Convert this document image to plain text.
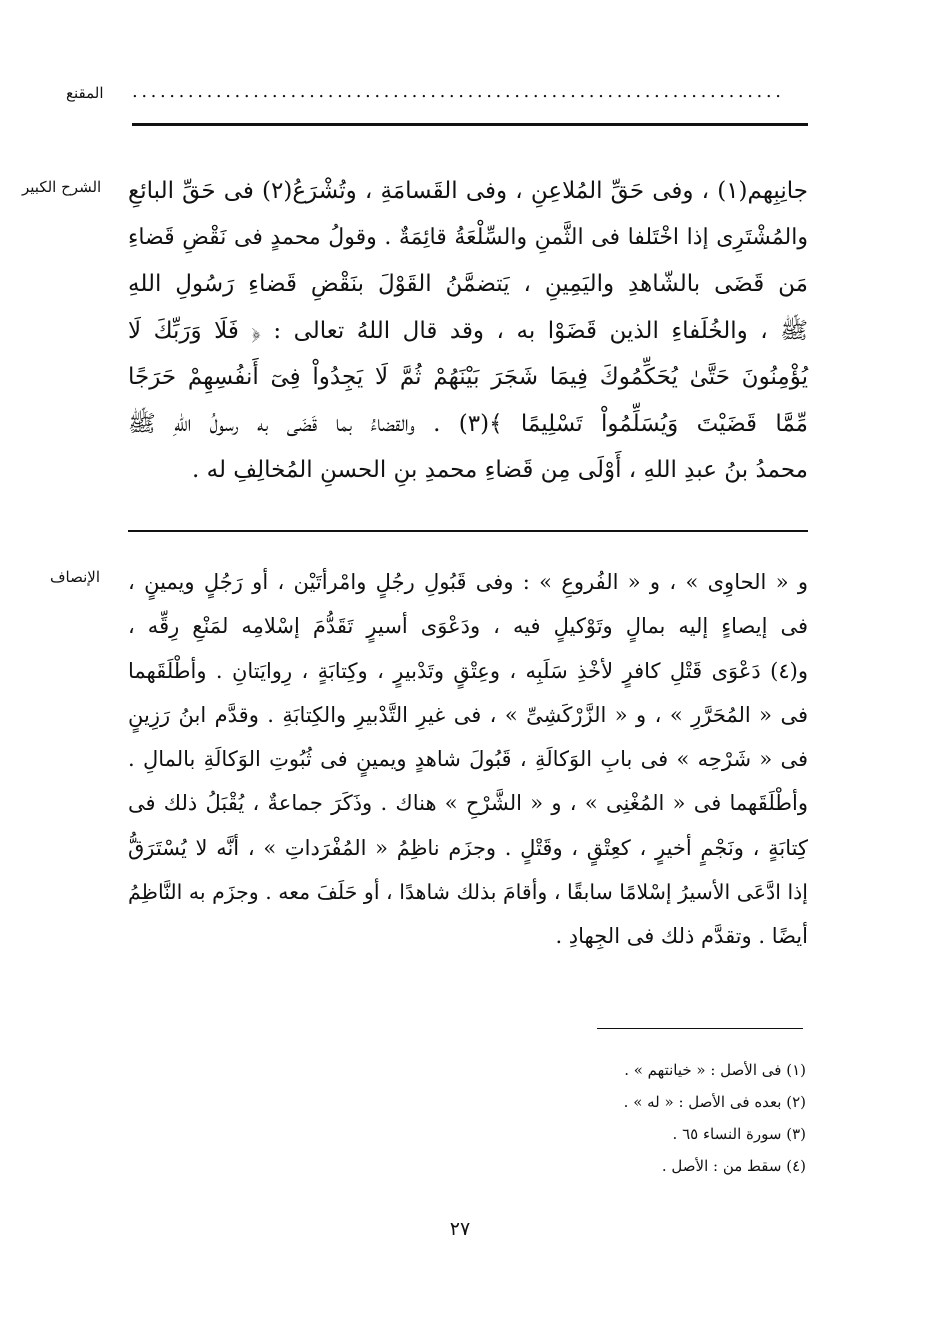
المقنع ......................................................................
الشرح الكبير جانِبِهم(١) ، وفى حَقِّ المُلاعِنِ ، وفى القَسامَةِ ، وتُشْرَعُ(٢) فى حَقِّ البائعِ
والمُشْتَرِى إذا اخْتَلفا فى الثَّمنِ والسِّلْعَةُ قائِمَةٌ . وقولُ محمدٍ فى نَقْضِ قَضاءِ
مَن قَضَى بالشّاهدِ واليَمِينِ ، يَتضمَّنُ القَوْلَ بنَقْضِ قَضاءِ رَسُولِ اللهِ
ﷺ ، والخُلَفاءِ الذين قَضَوْا به ، وقد قال اللهُ تعالى : ﴿ فَلَا وَرَبِّكَ لَا
يُؤْمِنُونَ حَتَّىٰ يُحَكِّمُوكَ فِيمَا شَجَرَ بَيْنَهُمْ ثُمَّ لَا يَجِدُواْ فِىٓ أَنفُسِهِمْ حَرَجًا
مِّمَّا قَضَيْتَ وَيُسَلِّمُواْ تَسْلِيمًا ﴾(٣) . والقضاءُ بما قَضَى به رسولُ اللهِ ﷺ
محمدُ بنُ عبدِ اللهِ ، أَوْلَى مِن قَضاءِ محمدِ بنِ الحسنِ المُخالِفِ له .
الإنصاف و « الحاوِى » ، و « الفُروعِ » : وفى قَبُولِ رجُلٍ وامْرأتَيْن ، أو رَجُلٍ ويمينٍ ،
فى إيصاءٍ إليه بمالٍ وتَوْكيلٍ فيه ، ودَعْوَى أسيرٍ تَقَدُّمَ إسْلامِه لمَنْعِ رِقِّه ،
و(٤) دَعْوَى قَتْلِ كافرٍ لأخْذِ سَلَبِه ، وعِتْقٍ وتَدْبيرٍ ، وكِتابَةٍ ، رِوايَتانِ . وأطْلَقَهما
فى « المُحَرَّرِ » ، و « الزَّرْكَشِىِّ » ، فى غيرِ التَّدْبيرِ والكِتابَةِ . وقدَّم ابنُ رَزِينٍ
فى « شَرْحِه » فى بابِ الوَكالَةِ ، قَبُولَ شاهدٍ ويمينٍ فى ثُبُوتِ الوَكالَةِ بالمالِ .
وأطْلَقَهما فى « المُغْنِى » ، و « الشَّرْحِ » هناك . وذَكَرَ جماعةٌ ، يُقْبَلُ ذلك فى
كِتابَةٍ ، ونَجْمٍ أخيرٍ ، كعِتْقٍ ، وقَتْلٍ . وجزَم ناظِمُ « المُفْرَداتِ » ، أنَّه لا يُسْتَرَقُّ
إذا ادَّعَى الأسيرُ إسْلامًا سابقًا ، وأقامَ بذلك شاهدًا ، أو حَلَفَ معه . وجزَم به النَّاظِمُ
أيضًا . وتقدَّم ذلك فى الجِهادِ .
(١) فى الأصل : « خيانتهم » .
(٢) بعده فى الأصل : « له » .
(٣) سورة النساء ٦٥ .
(٤) سقط من : الأصل .
٢٧
